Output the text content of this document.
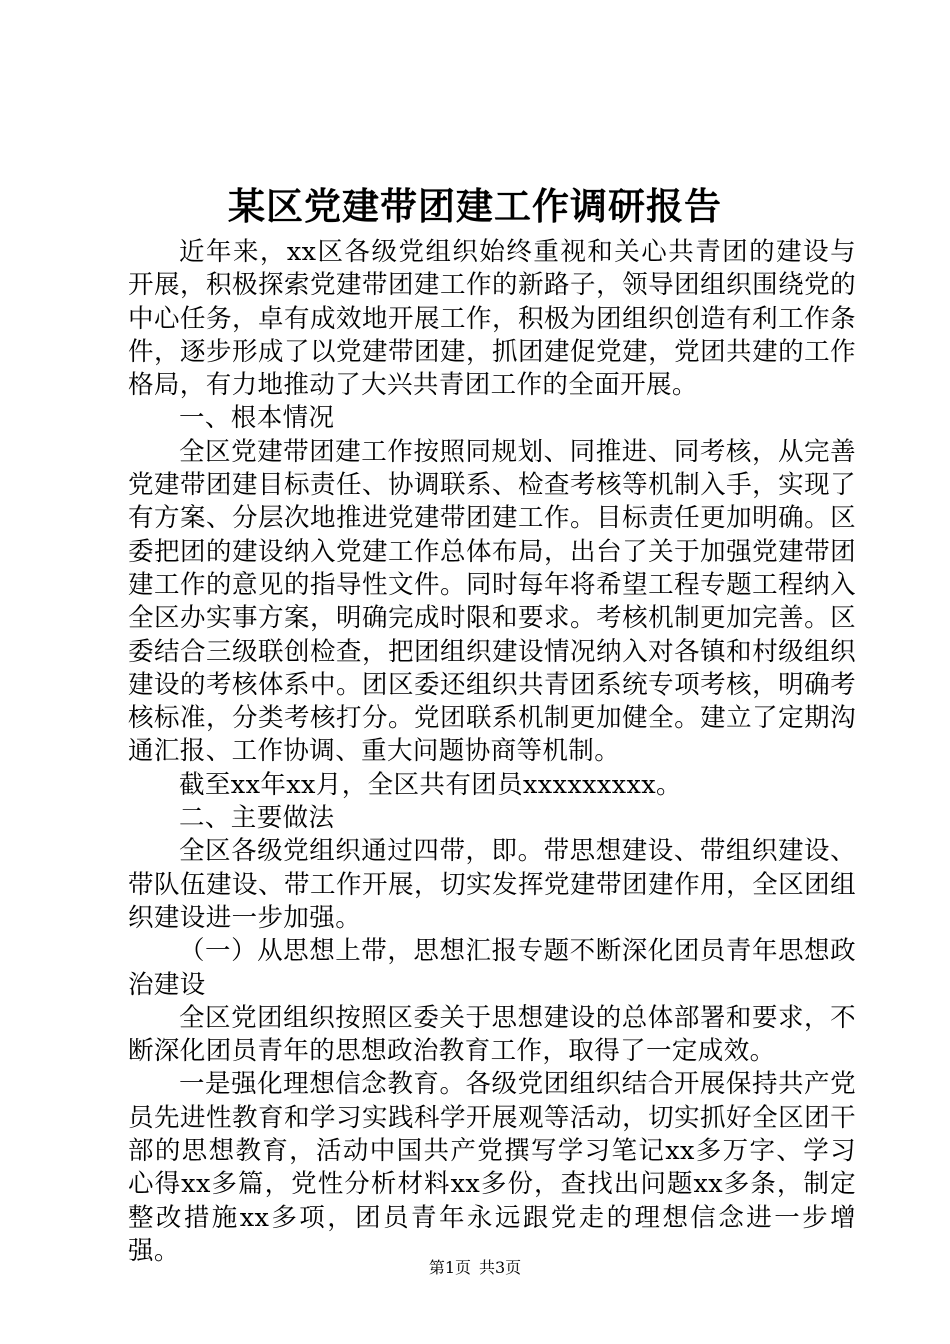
某区党建带团建工作调研报告

近年来，xx区各级党组织始终重视和关心共青团的建设与开展，积极探索党建带团建工作的新路子，领导团组织围绕党的中心任务，卓有成效地开展工作，积极为团组织创造有利工作条件，逐步形成了以党建带团建，抓团建促党建，党团共建的工作格局，有力地推动了大兴共青团工作的全面开展。

一、根本情况

全区党建带团建工作按照同规划、同推进、同考核，从完善党建带团建目标责任、协调联系、检查考核等机制入手，实现了有方案、分层次地推进党建带团建工作。目标责任更加明确。区委把团的建设纳入党建工作总体布局，出台了关于加强党建带团建工作的意见的指导性文件。同时每年将希望工程专题工程纳入全区办实事方案，明确完成时限和要求。考核机制更加完善。区委结合三级联创检查，把团组织建设情况纳入对各镇和村级组织建设的考核体系中。团区委还组织共青团系统专项考核，明确考核标准，分类考核打分。党团联系机制更加健全。建立了定期沟通汇报、工作协调、重大问题协商等机制。

截至xx年xx月，全区共有团员xxxxxxxxx。

二、主要做法

全区各级党组织通过四带，即。带思想建设、带组织建设、带队伍建设、带工作开展，切实发挥党建带团建作用，全区团组织建设进一步加强。

（一）从思想上带，思想汇报专题不断深化团员青年思想政治建设

全区党团组织按照区委关于思想建设的总体部署和要求，不断深化团员青年的思想政治教育工作，取得了一定成效。

一是强化理想信念教育。各级党团组织结合开展保持共产党员先进性教育和学习实践科学开展观等活动，切实抓好全区团干部的思想教育，活动中国共产党撰写学习笔记xx多万字、学习心得xx多篇，党性分析材料xx多份，查找出问题xx多条，制定整改措施xx多项，团员青年永远跟党走的理想信念进一步增强。

第1页 共3页
